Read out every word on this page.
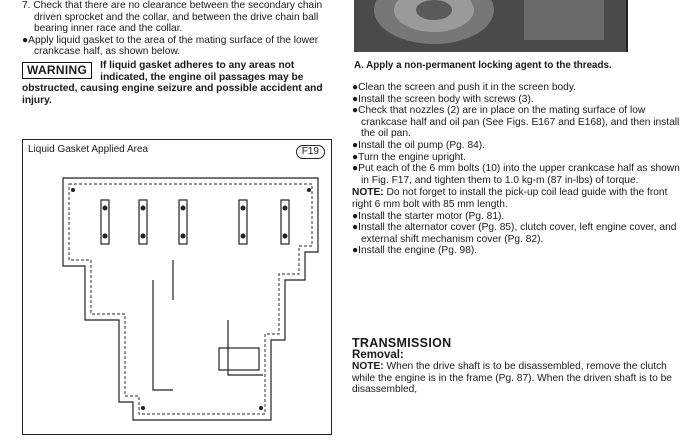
7. Check that there are no clearance between the secondary chain driven sprocket and the collar, and between the drive chain ball bearing inner race and the collar.

●Apply liquid gasket to the area of the mating surface of the lower crankcase half, as shown below.

WARNING	If liquid gasket adheres to any areas not indicated, the engine oil passages may be obstructed, causing engine seizure and possible accident and injury.
Liquid Gasket Applied Area	F19
A. Apply a non-permanent locking agent to the threads.

●Clean the screen and push it in the screen body.

●Install the screen body with screws (3).

●Check that nozzles (2) are in place on the mating surface of low crankcase half and oil pan (See Figs. E167 and E168), and then install the oil pan.

●Install the oil pump (Pg. 84).

●Turn the engine upright.

●Put each of the 6 mm bolts (10) into the upper crankcase half as shown in Fig. F17, and tighten them to 1.0 kg-m (87 in-lbs) of torque.

NOTE: Do not forget to install the pick-up coil lead guide with the front right 6 mm bolt with 85 mm length.

●Install the starter motor (Pg. 81).

●Install the alternator cover (Pg. 85), clutch cover, left engine cover, and external shift mechanism cover (Pg. 82).

●Install the engine (Pg. 98).

TRANSMISSION
Removal:

NOTE: When the drive shaft is to be disassembled, remove the clutch while the engine is in the frame (Pg. 87). When the driven shaft is to be disassembled,
